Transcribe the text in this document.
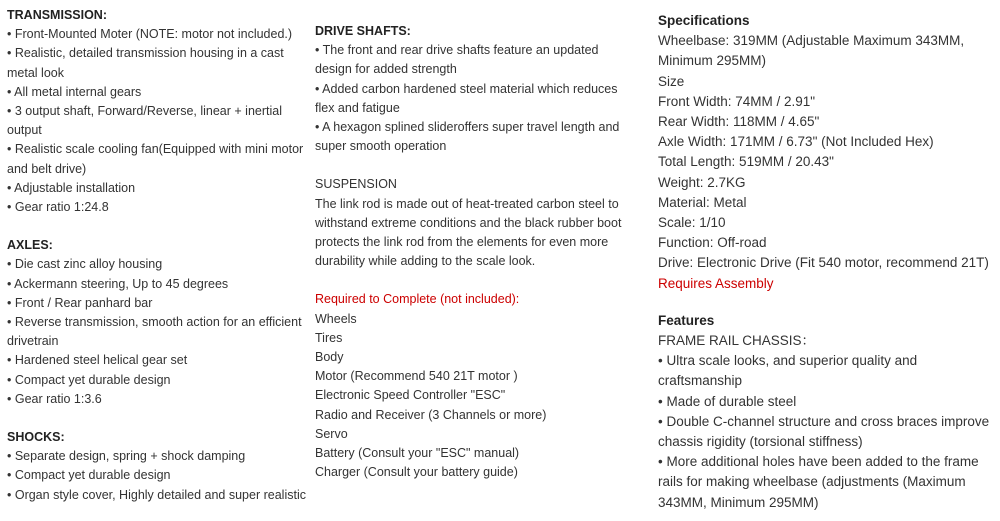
TRANSMISSION:
• Front-Mounted Moter (NOTE: motor not included.)
• Realistic, detailed transmission housing in a cast metal look
• All metal internal gears
• 3 output shaft, Forward/Reverse, linear + inertial output
• Realistic scale cooling fan(Equipped with mini motor and belt drive)
• Adjustable installation
• Gear ratio 1:24.8
AXLES:
• Die cast zinc alloy housing
• Ackermann steering, Up to 45 degrees
• Front / Rear panhard bar
• Reverse transmission, smooth action for an efficient drivetrain
• Hardened steel helical gear set
• Compact yet durable design
• Gear ratio 1:3.6
SHOCKS:
• Separate design, spring + shock damping
• Compact yet durable design
• Organ style cover, Highly detailed and super realistic
DRIVE SHAFTS:
• The front and rear drive shafts feature an updated design for added strength
• Added carbon hardened steel material which reduces flex and fatigue
• A hexagon splined slideroffers super travel length and super smooth operation
SUSPENSION

The link rod is made out of heat-treated carbon steel to withstand extreme conditions and the black rubber boot protects the link rod from the elements for even more durability while adding to the scale look.

Required to Complete (not included):
Wheels
Tires
Body
Motor (Recommend 540 21T motor )
Electronic Speed Controller "ESC"
Radio and Receiver (3 Channels or more)
Servo
Battery (Consult your "ESC" manual)
Charger (Consult your battery guide)
Specifications
Wheelbase: 319MM (Adjustable Maximum 343MM, Minimum 295MM)
Size
Front Width: 74MM / 2.91"
Rear Width: 118MM / 4.65"
Axle Width: 171MM / 6.73" (Not Included Hex)
Total Length: 519MM / 20.43"
Weight: 2.7KG
Material: Metal
Scale: 1/10
Function: Off-road
Drive: Electronic Drive (Fit 540 motor, recommend 21T)
Requires Assembly
Features
FRAME RAIL CHASSIS：
• Ultra scale looks, and superior quality and craftsmanship
• Made of durable steel
• Double C-channel structure and cross braces improve chassis rigidity (torsional stiffness)
• More additional holes have been added to the frame rails for making wheelbase (adjustments (Maximum 343MM, Minimum 295MM)
